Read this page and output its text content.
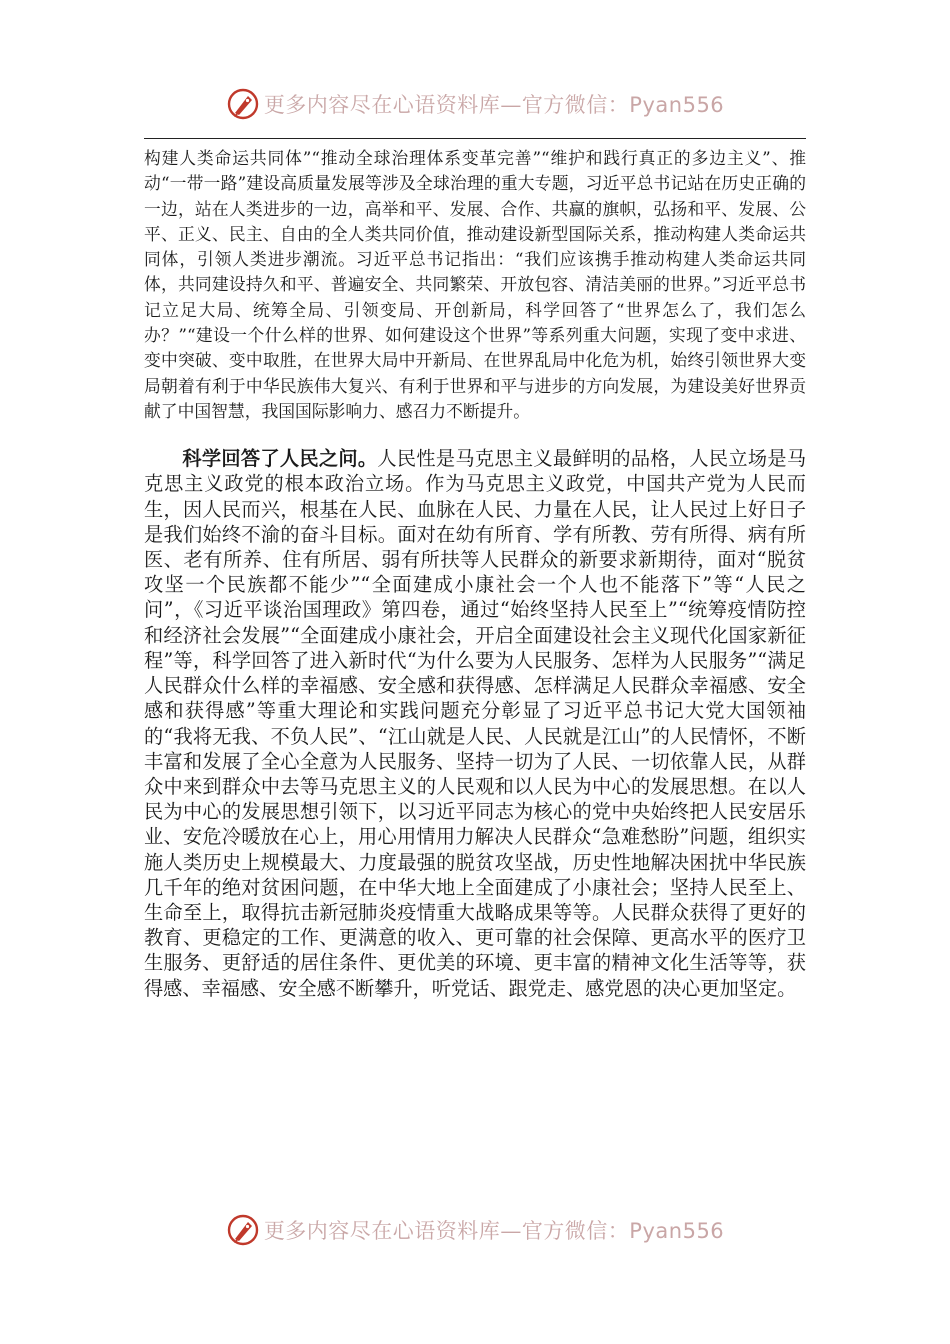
更多内容尽在心语资料库—官方微信：Pyan556

构建人类命运共同体”“推动全球治理体系变革完善”“维护和践行真正的多边主义”、推动“一带一路”建设高质量发展等涉及全球治理的重大专题，习近平总书记站在历史正确的一边，站在人类进步的一边，高举和平、发展、合作、共赢的旗帜，弘扬和平、发展、公平、正义、民主、自由的全人类共同价值，推动建设新型国际关系，推动构建人类命运共同体，引领人类进步潮流。习近平总书记指出：“我们应该携手推动构建人类命运共同体，共同建设持久和平、普遍安全、共同繁荣、开放包容、清洁美丽的世界。”习近平总书记立足大局、统筹全局、引领变局、开创新局，科学回答了“世界怎么了，我们怎么办？”“建设一个什么样的世界、如何建设这个世界”等系列重大问题，实现了变中求进、变中突破、变中取胜，在世界大局中开新局、在世界乱局中化危为机，始终引领世界大变局朝着有利于中华民族伟大复兴、有利于世界和平与进步的方向发展，为建设美好世界贡献了中国智慧，我国国际影响力、感召力不断提升。

科学回答了人民之问。人民性是马克思主义最鲜明的品格，人民立场是马克思主义政党的根本政治立场。作为马克思主义政党，中国共产党为人民而生，因人民而兴，根基在人民、血脉在人民、力量在人民，让人民过上好日子是我们始终不渝的奋斗目标。面对在幼有所育、学有所教、劳有所得、病有所医、老有所养、住有所居、弱有所扶等人民群众的新要求新期待，面对“脱贫攻坚一个民族都不能少”“全面建成小康社会一个人也不能落下”等“人民之问”，《习近平谈治国理政》第四卷，通过“始终坚持人民至上”“统筹疫情防控和经济社会发展”“全面建成小康社会，开启全面建设社会主义现代化国家新征程”等，科学回答了进入新时代“为什么要为人民服务、怎样为人民服务”“满足人民群众什么样的幸福感、安全感和获得感、怎样满足人民群众幸福感、安全感和获得感”等重大理论和实践问题充分彰显了习近平总书记大党大国领袖的“我将无我、不负人民”、“江山就是人民、人民就是江山”的人民情怀，不断丰富和发展了全心全意为人民服务、坚持一切为了人民、一切依靠人民，从群众中来到群众中去等马克思主义的人民观和以人民为中心的发展思想。在以人民为中心的发展思想引领下，以习近平同志为核心的党中央始终把人民安居乐业、安危冷暖放在心上，用心用情用力解决人民群众“急难愁盼”问题，组织实施人类历史上规模最大、力度最强的脱贫攻坚战，历史性地解决困扰中华民族几千年的绝对贫困问题，在中华大地上全面建成了小康社会；坚持人民至上、生命至上，取得抗击新冠肺炎疫情重大战略成果等等。人民群众获得了更好的教育、更稳定的工作、更满意的收入、更可靠的社会保障、更高水平的医疗卫生服务、更舒适的居住条件、更优美的环境、更丰富的精神文化生活等等，获得感、幸福感、安全感不断攀升，听党话、跟党走、感党恩的决心更加坚定。

更多内容尽在心语资料库—官方微信：Pyan556
